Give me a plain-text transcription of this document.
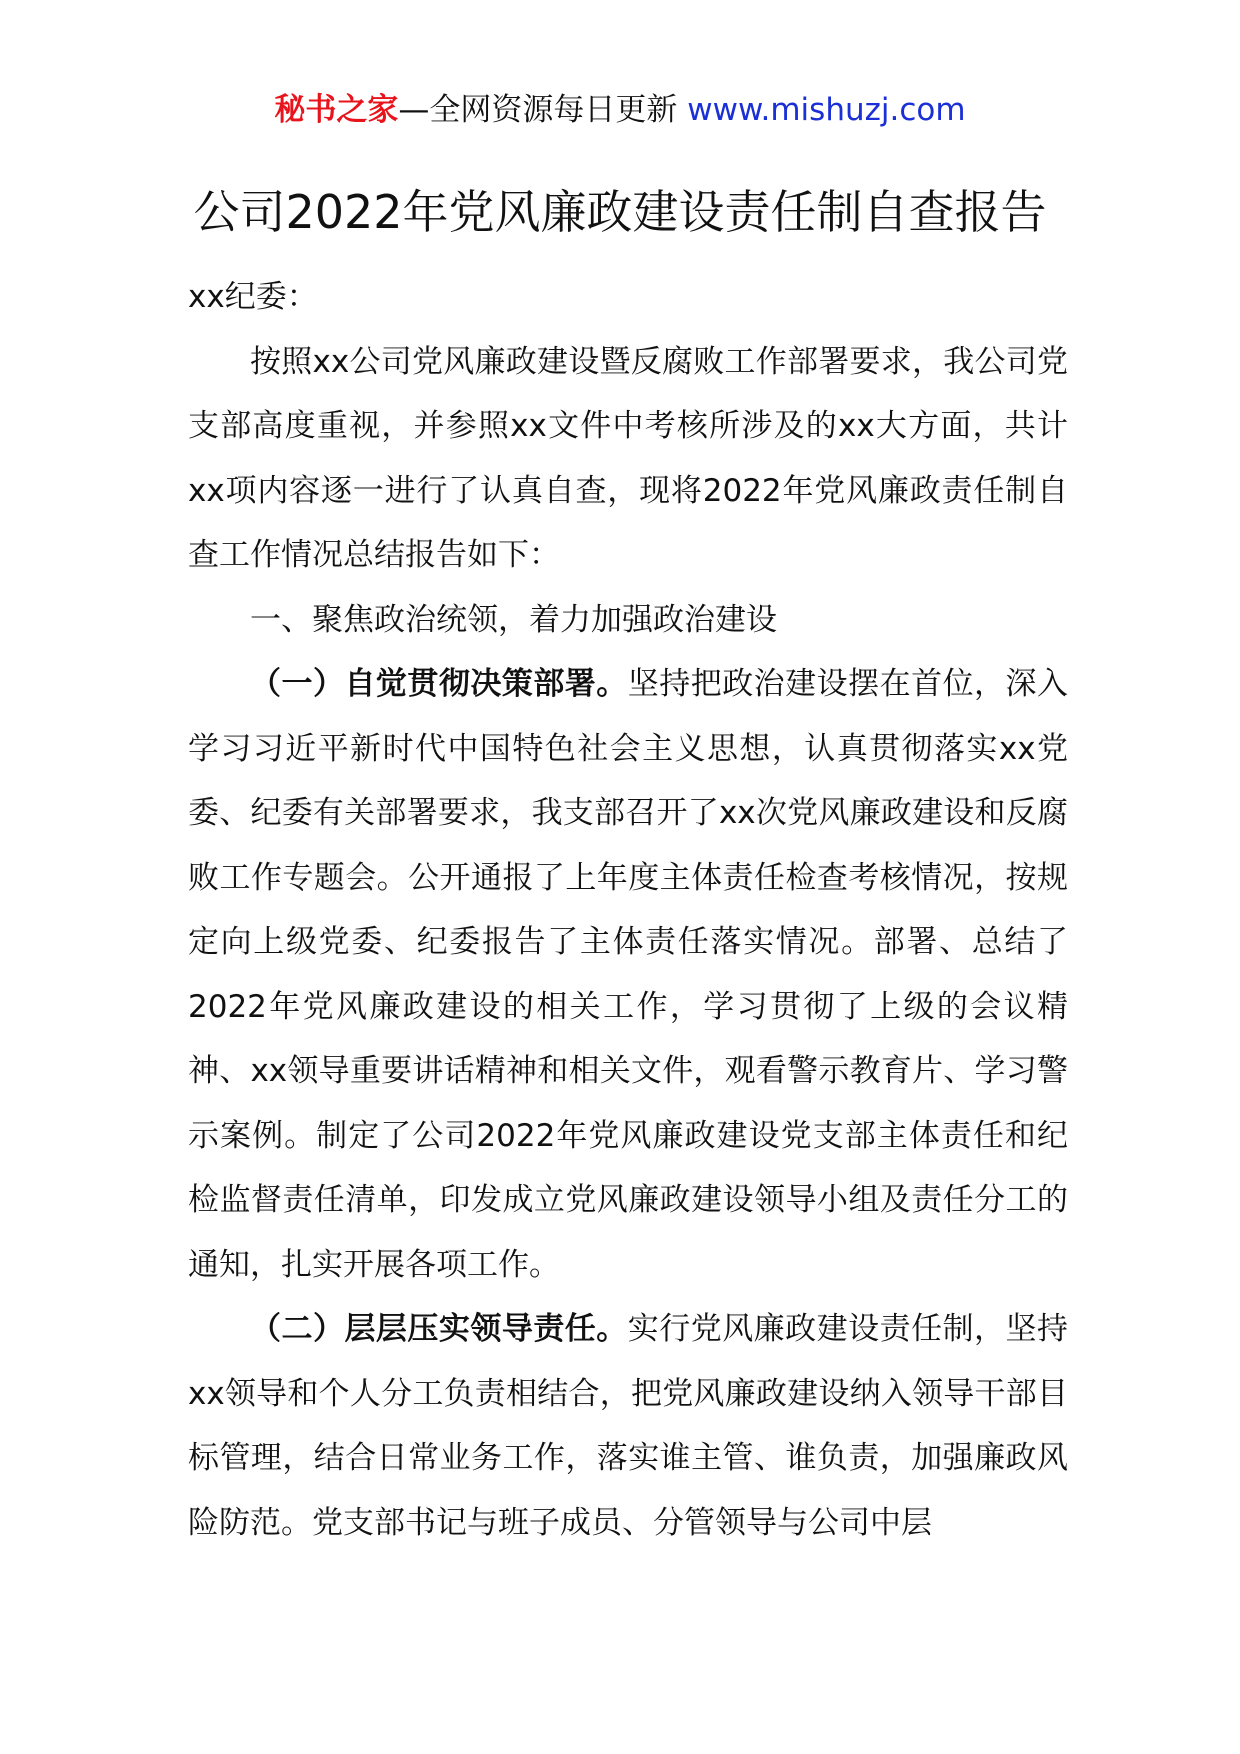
秘书之家—全网资源每日更新 www.mishuzj.com
公司2022年党风廉政建设责任制自查报告

xx纪委：

按照xx公司党风廉政建设暨反腐败工作部署要求，我公司党支部高度重视，并参照xx文件中考核所涉及的xx大方面，共计xx项内容逐一进行了认真自查，现将2022年党风廉政责任制自查工作情况总结报告如下：

一、聚焦政治统领，着力加强政治建设

（一）自觉贯彻决策部署。坚持把政治建设摆在首位，深入学习习近平新时代中国特色社会主义思想，认真贯彻落实xx党委、纪委有关部署要求，我支部召开了xx次党风廉政建设和反腐败工作专题会。公开通报了上年度主体责任检查考核情况，按规定向上级党委、纪委报告了主体责任落实情况。部署、总结了2022年党风廉政建设的相关工作，学习贯彻了上级的会议精神、xx领导重要讲话精神和相关文件，观看警示教育片、学习警示案例。制定了公司2022年党风廉政建设党支部主体责任和纪检监督责任清单，印发成立党风廉政建设领导小组及责任分工的通知，扎实开展各项工作。

（二）层层压实领导责任。实行党风廉政建设责任制，坚持xx领导和个人分工负责相结合，把党风廉政建设纳入领导干部目标管理，结合日常业务工作，落实谁主管、谁负责，加强廉政风险防范。党支部书记与班子成员、分管领导与公司中层
